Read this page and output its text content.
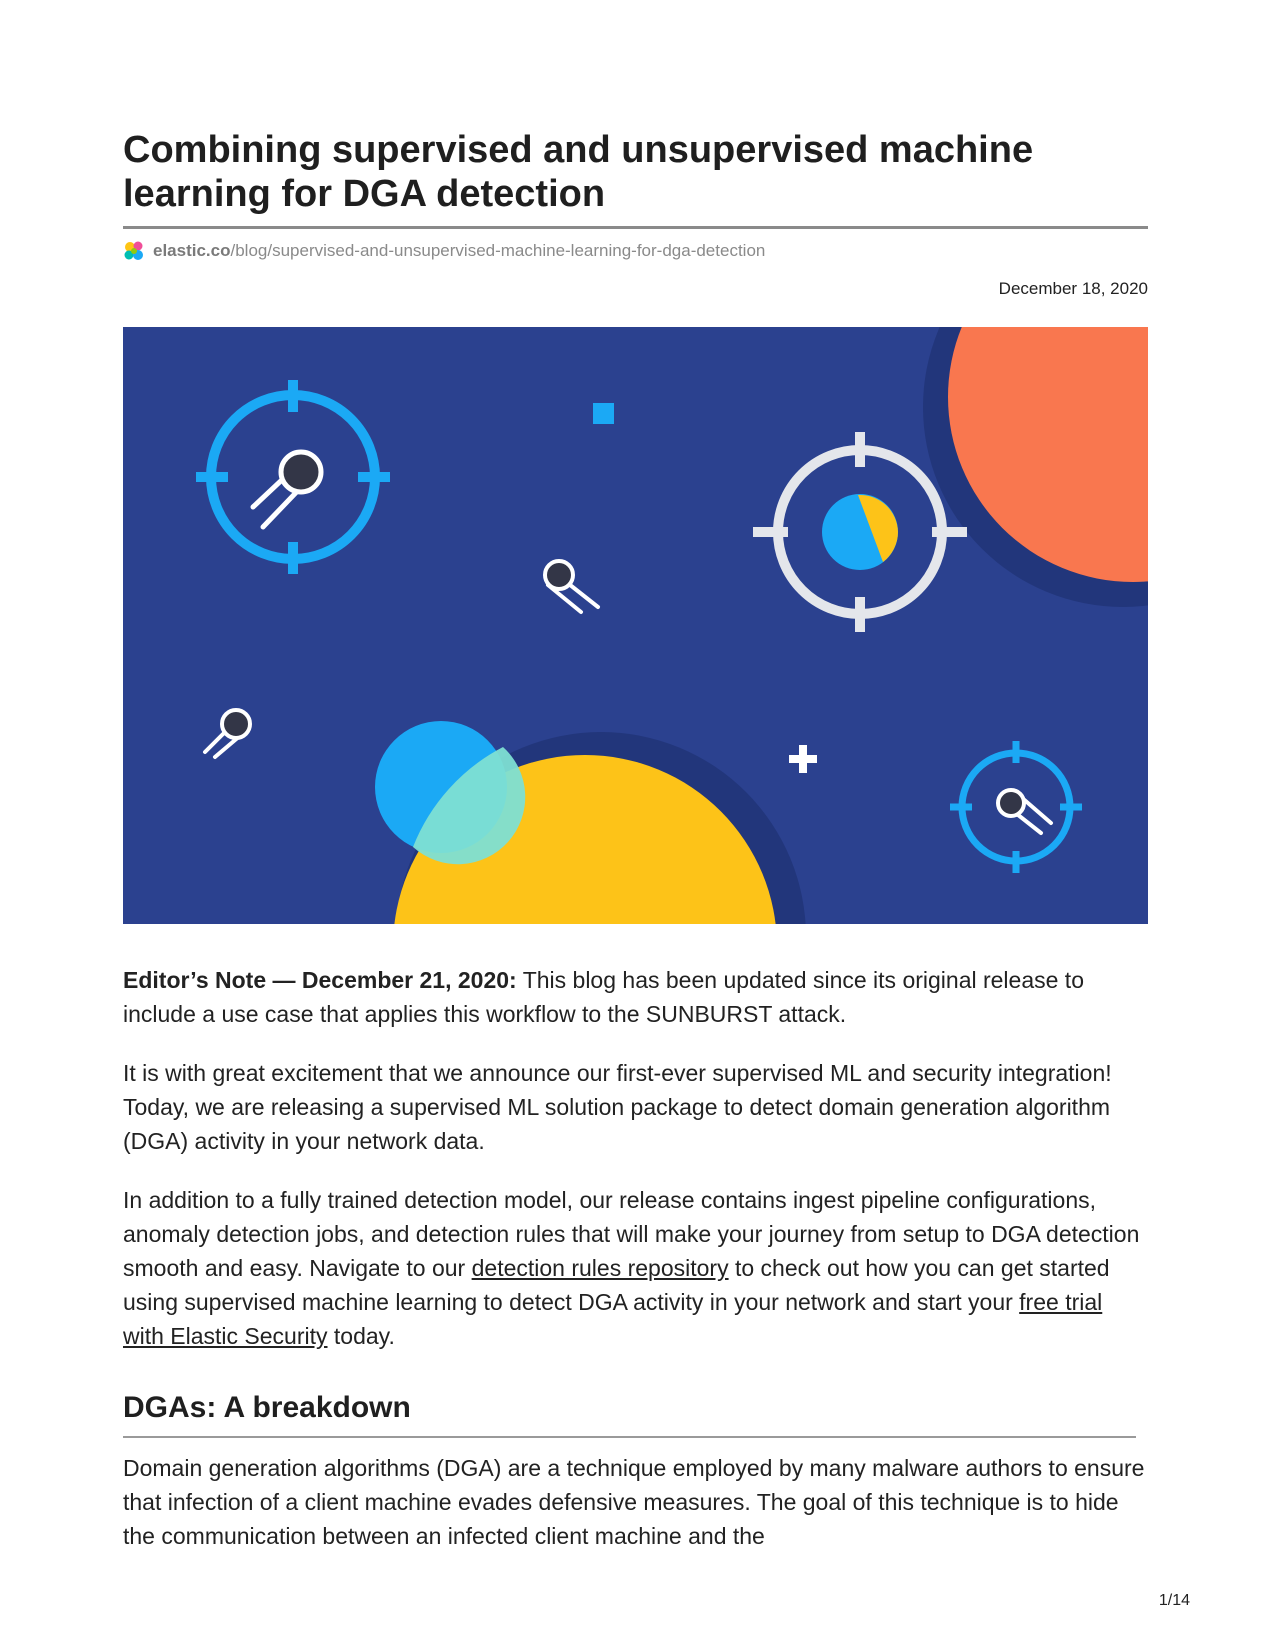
Combining supervised and unsupervised machine learning for DGA detection
elastic.co/blog/supervised-and-unsupervised-machine-learning-for-dga-detection
December 18, 2020

Editor’s Note — December 21, 2020: This blog has been updated since its original release to include a use case that applies this workflow to the SUNBURST attack.

It is with great excitement that we announce our first-ever supervised ML and security integration! Today, we are releasing a supervised ML solution package to detect domain generation algorithm (DGA) activity in your network data.

In addition to a fully trained detection model, our release contains ingest pipeline configurations, anomaly detection jobs, and detection rules that will make your journey from setup to DGA detection smooth and easy. Navigate to our detection rules repository to check out how you can get started using supervised machine learning to detect DGA activity in your network and start your free trial with Elastic Security today.

DGAs: A breakdown

Domain generation algorithms (DGA) are a technique employed by many malware authors to ensure that infection of a client machine evades defensive measures. The goal of this technique is to hide the communication between an infected client machine and the

1/14
